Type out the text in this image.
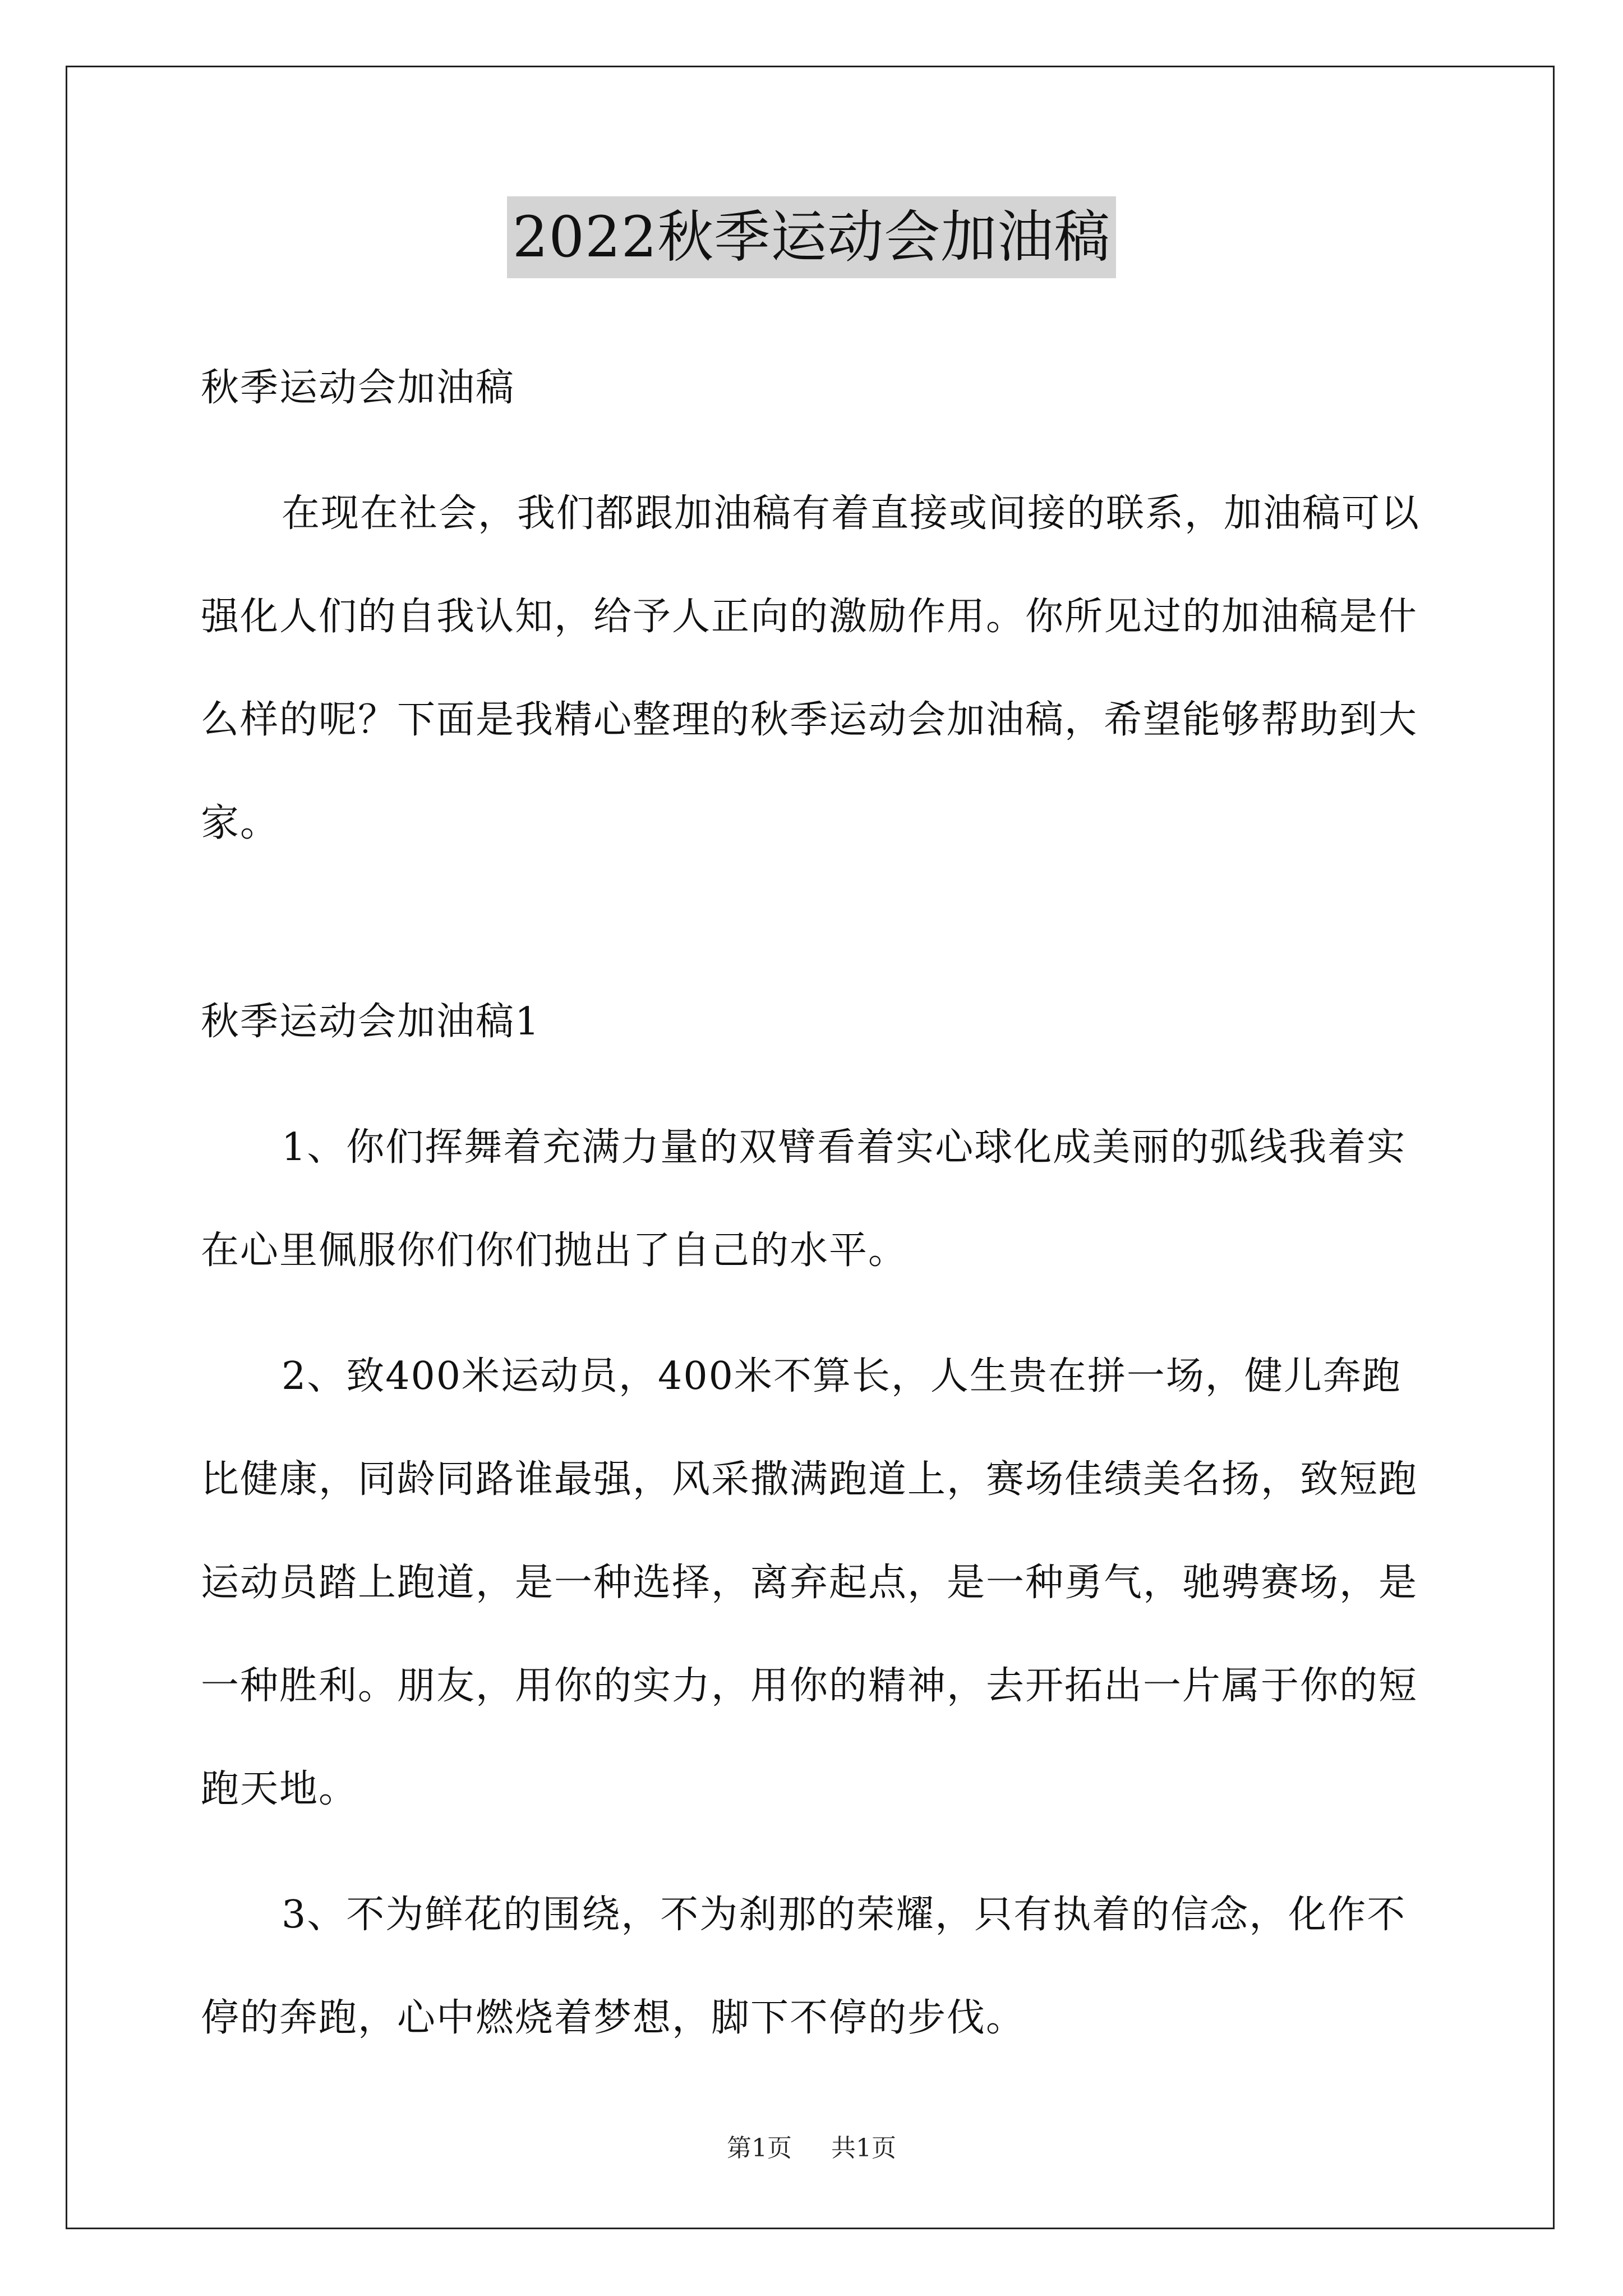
2022秋季运动会加油稿

秋季运动会加油稿

在现在社会，我们都跟加油稿有着直接或间接的联系，加油稿可以强化人们的自我认知，给予人正向的激励作用。你所见过的加油稿是什么样的呢？下面是我精心整理的秋季运动会加油稿，希望能够帮助到大家。

秋季运动会加油稿1

1、你们挥舞着充满力量的双臂看着实心球化成美丽的弧线我着实在心里佩服你们你们抛出了自己的水平。

2、致400米运动员，400米不算长，人生贵在拼一场，健儿奔跑比健康，同龄同路谁最强，风采撒满跑道上，赛场佳绩美名扬，致短跑运动员踏上跑道，是一种选择，离弃起点，是一种勇气，驰骋赛场，是一种胜利。朋友，用你的实力，用你的精神，去开拓出一片属于你的短跑天地。

3、不为鲜花的围绕，不为刹那的荣耀，只有执着的信念，化作不停的奔跑，心中燃烧着梦想，脚下不停的步伐。

第1页 共1页
